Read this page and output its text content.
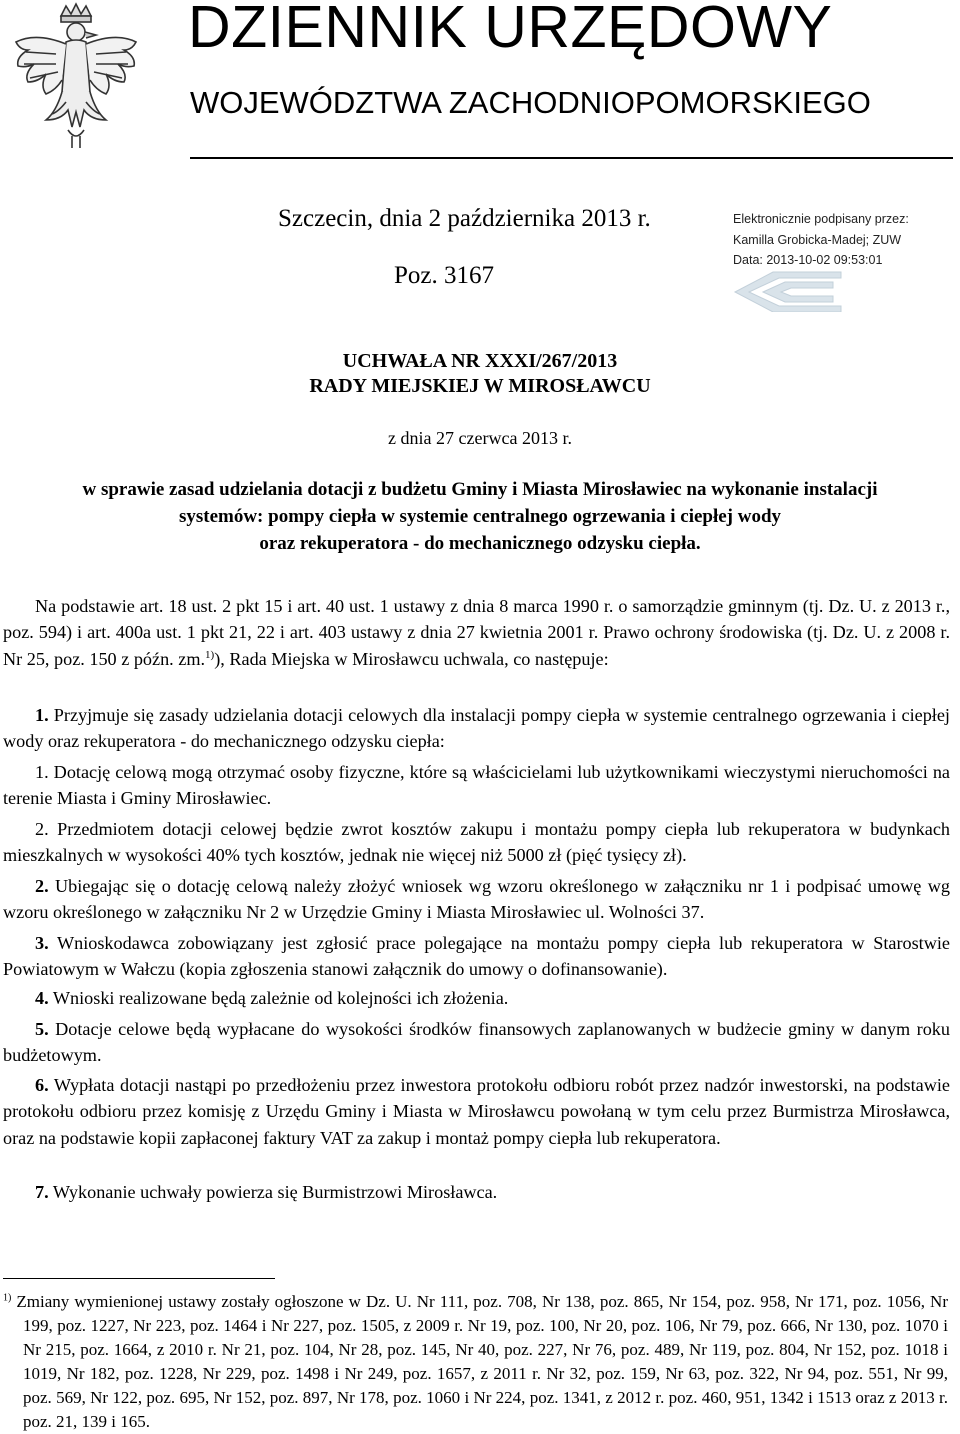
DZIENNIK URZĘDOWY
WOJEWÓDZTWA ZACHODNIOPOMORSKIEGO
Szczecin, dnia 2 października 2013 r.
Poz. 3167
Elektronicznie podpisany przez:
Kamilla Grobicka-Madej; ZUW
Data: 2013-10-02 09:53:01
UCHWAŁA NR XXXI/267/2013
RADY MIEJSKIEJ W MIROSŁAWCU
z dnia 27 czerwca 2013 r.
w sprawie zasad udzielania dotacji z budżetu Gminy i Miasta Mirosławiec na wykonanie instalacji
systemów: pompy ciepła w systemie centralnego ogrzewania i ciepłej wody
oraz rekuperatora - do mechanicznego odzysku ciepła.
Na podstawie art. 18 ust. 2 pkt 15 i art. 40 ust. 1 ustawy z dnia 8 marca 1990 r. o samorządzie gminnym (tj. Dz. U. z 2013 r., poz. 594) i art. 400a ust. 1 pkt 21, 22 i art. 403 ustawy z dnia 27 kwietnia 2001 r. Prawo ochrony środowiska (tj. Dz. U. z 2008 r. Nr 25, poz. 150 z późn. zm.$^{1)}$), Rada Miejska w Mirosławcu uchwala, co następuje:
1. Przyjmuje się zasady udzielania dotacji celowych dla instalacji pompy ciepła w systemie centralnego ogrzewania i ciepłej wody oraz rekuperatora - do mechanicznego odzysku ciepła:
1. Dotację celową mogą otrzymać osoby fizyczne, które są właścicielami lub użytkownikami wieczystymi nieruchomości na terenie Miasta i Gminy Mirosławiec.
2. Przedmiotem dotacji celowej będzie zwrot kosztów zakupu i montażu pompy ciepła lub rekuperatora w budynkach mieszkalnych w wysokości 40% tych kosztów, jednak nie więcej niż 5000 zł (pięć tysięcy zł).
2. Ubiegając się o dotację celową należy złożyć wniosek wg wzoru określonego w załączniku nr 1 i podpisać umowę wg wzoru określonego w załączniku Nr 2 w Urzędzie Gminy i Miasta Mirosławiec ul. Wolności 37.
3. Wnioskodawca zobowiązany jest zgłosić prace polegające na montażu pompy ciepła lub rekuperatora w Starostwie Powiatowym w Wałczu (kopia zgłoszenia stanowi załącznik do umowy o dofinansowanie).
4. Wnioski realizowane będą zależnie od kolejności ich złożenia.
5. Dotacje celowe będą wypłacane do wysokości środków finansowych zaplanowanych w budżecie gminy w danym roku budżetowym.
6. Wypłata dotacji nastąpi po przedłożeniu przez inwestora protokołu odbioru robót przez nadzór inwestorski, na podstawie protokołu odbioru przez komisję z Urzędu Gminy i Miasta w Mirosławcu powołaną w tym celu przez Burmistrza Mirosławca, oraz na podstawie kopii zapłaconej faktury VAT za zakup i montaż pompy ciepła lub rekuperatora.
7. Wykonanie uchwały powierza się Burmistrzowi Mirosławca.
$^{1)}$ Zmiany wymienionej ustawy zostały ogłoszone w Dz. U. Nr 111, poz. 708, Nr 138, poz. 865, Nr 154, poz. 958, Nr 171, poz. 1056, Nr 199, poz. 1227, Nr 223, poz. 1464 i Nr 227, poz. 1505, z 2009 r. Nr 19, poz. 100, Nr 20, poz. 106, Nr 79, poz. 666, Nr 130, poz. 1070 i Nr 215, poz. 1664, z 2010 r. Nr 21, poz. 104, Nr 28, poz. 145, Nr 40, poz. 227, Nr 76, poz. 489, Nr 119, poz. 804, Nr 152, poz. 1018 i 1019, Nr 182, poz. 1228, Nr 229, poz. 1498 i Nr 249, poz. 1657, z 2011 r. Nr 32, poz. 159, Nr 63, poz. 322, Nr 94, poz. 551, Nr 99, poz. 569, Nr 122, poz. 695, Nr 152, poz. 897, Nr 178, poz. 1060 i Nr 224, poz. 1341, z 2012 r. poz. 460, 951, 1342 i 1513 oraz z 2013 r. poz. 21, 139 i 165.
